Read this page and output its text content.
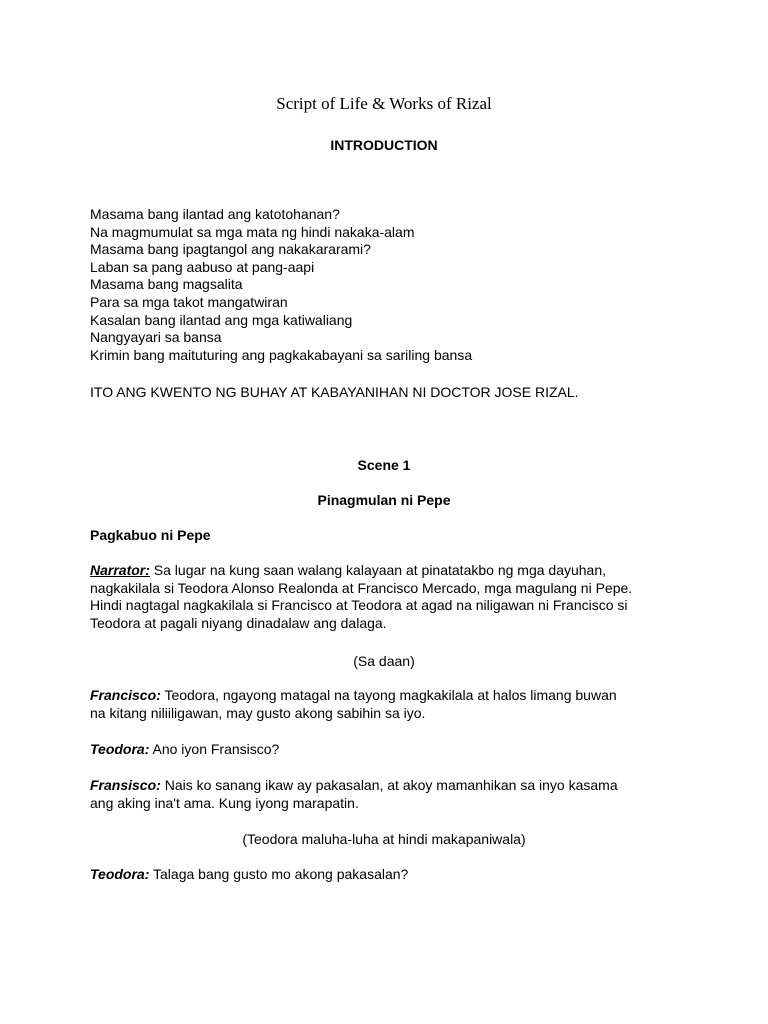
Script of Life & Works of Rizal
INTRODUCTION
Masama bang ilantad ang katotohanan?
Na magmumulat sa mga mata ng hindi nakaka-alam
Masama bang ipagtangol ang nakakararami?
Laban sa pang aabuso at pang-aapi
Masama bang magsalita
Para sa mga takot mangatwiran
Kasalan bang ilantad ang mga katiwaliang
Nangyayari sa bansa
Krimin bang maituturing ang pagkakabayani sa sariling bansa
ITO ANG KWENTO NG BUHAY AT KABAYANIHAN NI DOCTOR JOSE RIZAL.
Scene 1
Pinagmulan ni Pepe
Pagkabuo ni Pepe
Narrator: Sa lugar na kung saan walang kalayaan at pinatatakbo ng mga dayuhan,
nagkakilala si Teodora Alonso Realonda at Francisco Mercado, mga magulang ni Pepe.
Hindi nagtagal nagkakilala si Francisco at Teodora at agad na niligawan ni Francisco si
Teodora at pagali niyang dinadalaw ang dalaga.
(Sa daan)
Francisco: Teodora, ngayong matagal na tayong magkakilala at halos limang buwan
na kitang niliiligawan, may gusto akong sabihin sa iyo.
Teodora: Ano iyon Fransisco?
Fransisco: Nais ko sanang ikaw ay pakasalan, at akoy mamanhikan sa inyo kasama
ang aking ina't ama. Kung iyong marapatin.
(Teodora maluha-luha at hindi makapaniwala)
Teodora: Talaga bang gusto mo akong pakasalan?
